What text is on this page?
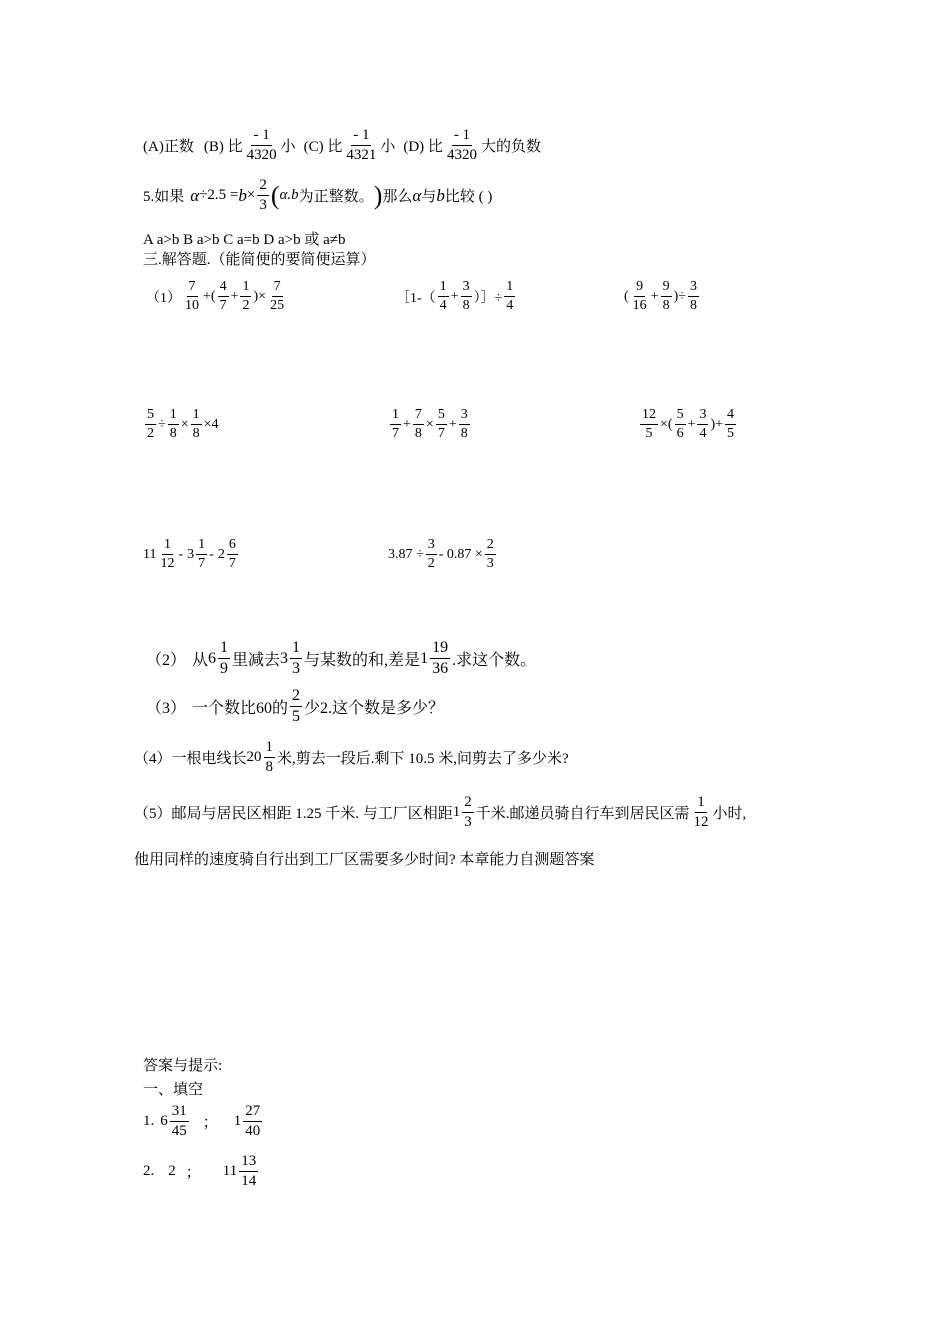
(A)正数 (B) 比 $\frac{- 1}{4320}$ 小 (C) 比 $\frac{- 1}{4321}$ 小 (D) 比 $\frac{- 1}{4320}$ 大的负数
5.如果 $\alpha \div 2.5 = b \times \frac{2}{3}$ ( α.b 为正整数。 ) 那么 α 与 b 比较 ( )
A a>b B a>b C a=b D a>b 或 a≠b
三.解答题.（能简便的要简便运算）
$(1) \frac{7}{10}$ + ( $\frac{4}{7} + \frac{1}{2}$ ) × $\frac{7}{25}$	［1-（ $\frac{1}{4} + \frac{3}{8}$ ）］÷ $\frac{1}{4}$	( $\frac{9}{16} + \frac{9}{8}$ ) ÷ $\frac{3}{8}$
$\frac{5}{2} \div \frac{1}{8} \times \frac{1}{8} \times 4$	$\frac{1}{7} + \frac{7}{8} \times \frac{5}{7} + \frac{3}{8}$	$\frac{12}{5}$ ×( $\frac{5}{6} + \frac{3}{4}$ ) + $\frac{4}{5}$
$11 \frac{1}{12} - 3 \frac{1}{7} - 2 \frac{6}{7}$	$3.87 \div \frac{3}{2} - 0.87 \times \frac{2}{3}$
（2） 从 $6 \frac{1}{9}$ 里减去 $3 \frac{1}{3}$ 与某数的和,差是 $1 \frac{19}{36}$ .求这个数。
（3） 一个数比60的 $\frac{2}{5}$ 少2.这个数是多少？
（4）一根电线长 $20 \frac{1}{8}$ 米,剪去一段后.剩下 10.5 米,问剪去了多少米?
（5）邮局与居民区相距 1.25 千米. 与工厂区相距 $1 \frac{2}{3}$ 千米.邮递员骑自行车到居民区需 $\frac{1}{12}$ 小时,
他用同样的速度骑自行出到工厂区需要多少时间? 本章能力自测题答案
答案与提示:
一、填空
1. $6 \frac{31}{45}$ ； $1 \frac{27}{40}$
2. 2 ； $11 \frac{13}{14}$
